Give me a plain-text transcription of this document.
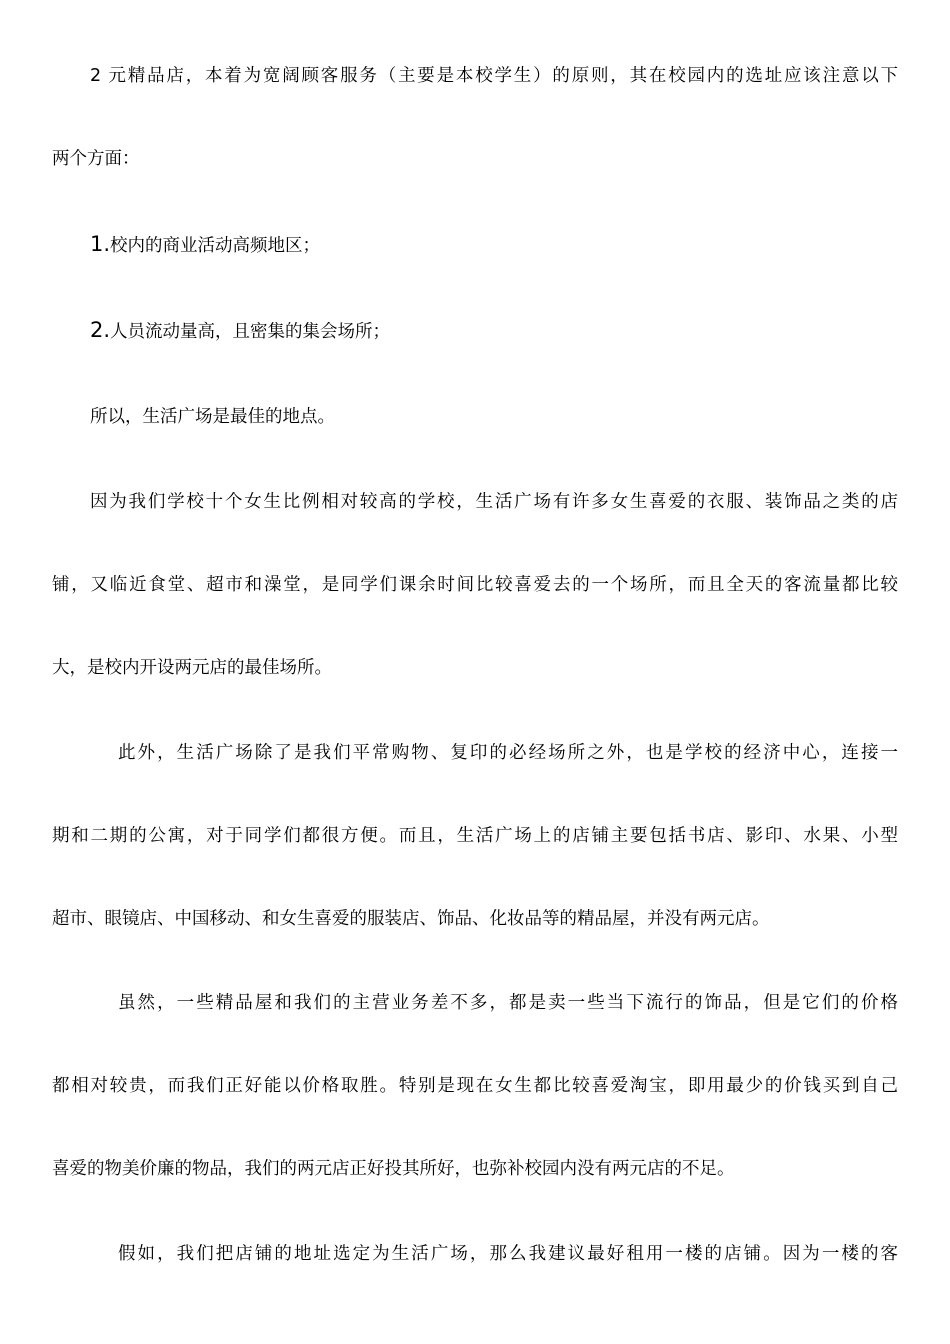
2 元精品店，本着为宽阔顾客服务（主要是本校学生）的原则，其在校园内的选址应该注意以下
两个方面：
1.校内的商业活动高频地区；
2.人员流动量高，且密集的集会场所；
所以，生活广场是最佳的地点。
因为我们学校十个女生比例相对较高的学校，生活广场有许多女生喜爱的衣服、装饰品之类的店
铺，又临近食堂、超市和澡堂，是同学们课余时间比较喜爱去的一个场所，而且全天的客流量都比较
大，是校内开设两元店的最佳场所。
此外，生活广场除了是我们平常购物、复印的必经场所之外，也是学校的经济中心，连接一
期和二期的公寓，对于同学们都很方便。而且，生活广场上的店铺主要包括书店、影印、水果、小型
超市、眼镜店、中国移动、和女生喜爱的服装店、饰品、化妆品等的精品屋，并没有两元店。
虽然，一些精品屋和我们的主营业务差不多，都是卖一些当下流行的饰品，但是它们的价格
都相对较贵，而我们正好能以价格取胜。特别是现在女生都比较喜爱淘宝，即用最少的价钱买到自己
喜爱的物美价廉的物品，我们的两元店正好投其所好，也弥补校园内没有两元店的不足。
假如，我们把店铺的地址选定为生活广场，那么我建议最好租用一楼的店铺。因为一楼的客
